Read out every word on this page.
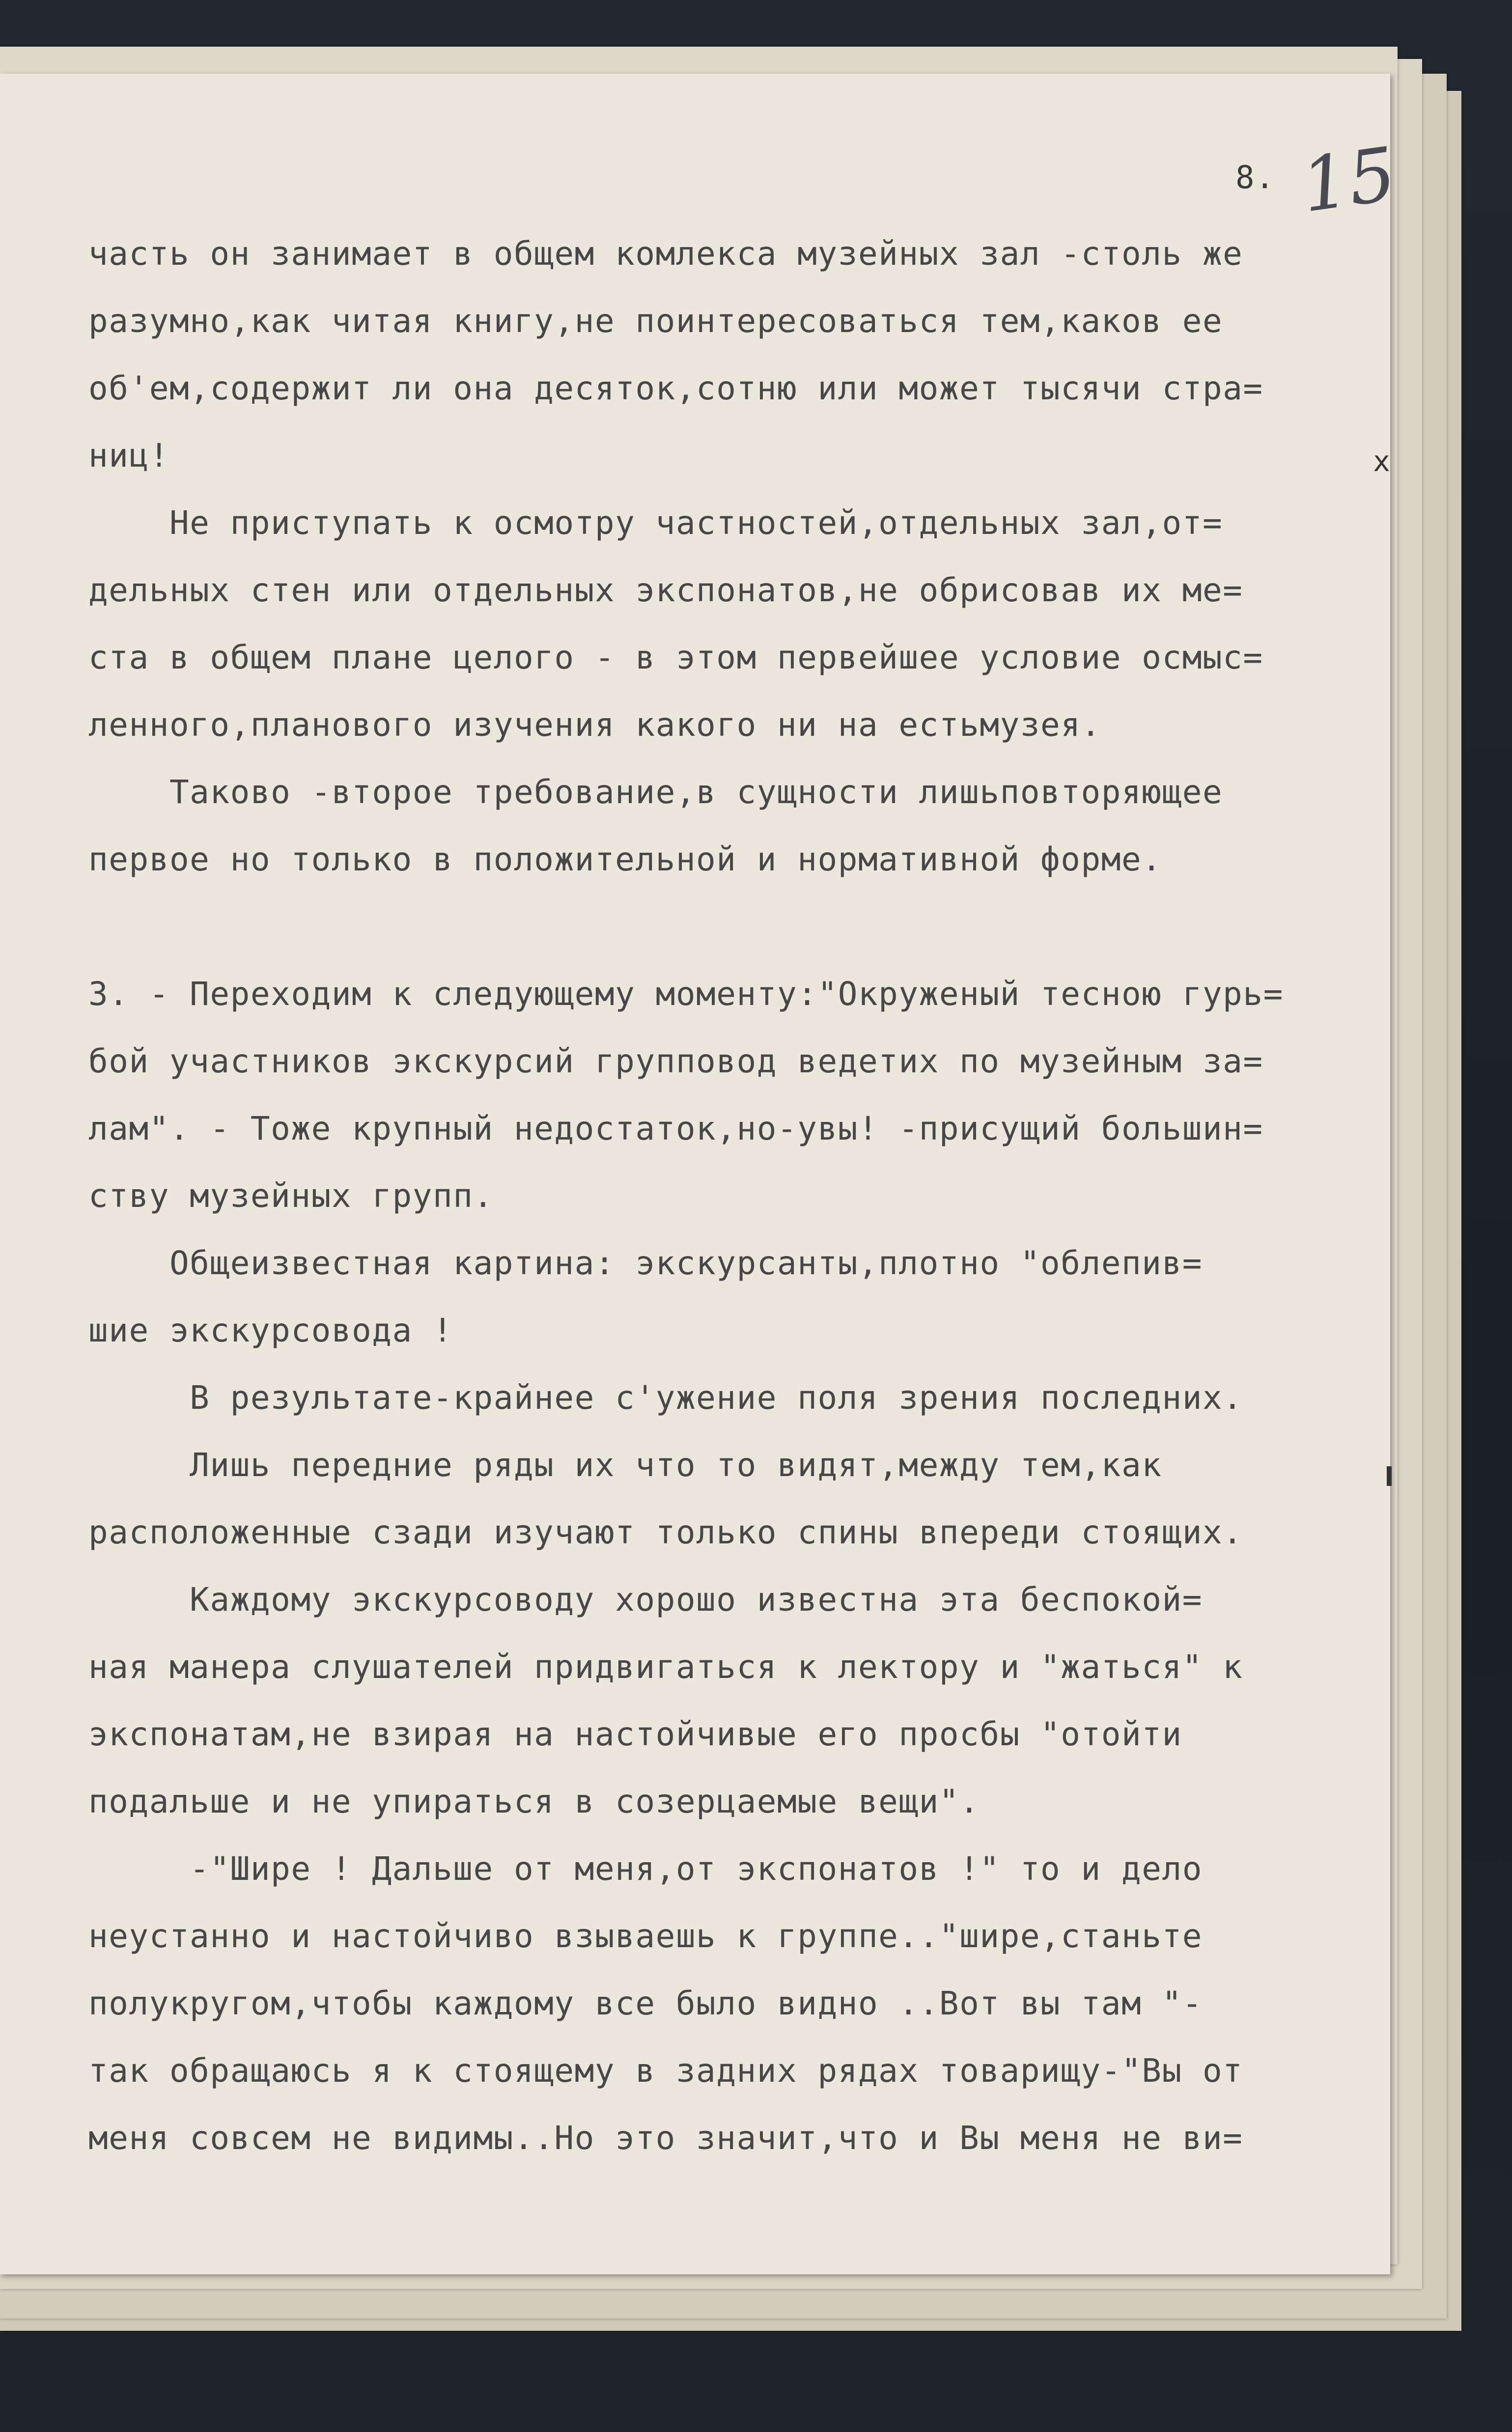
8. 15
x
часть он занимает в общем комлекса музейных зал -столь же
разумно,как читая книгу,не поинтересоваться тем,каков ее
об'ем,содержит ли она десяток,сотню или может тысячи стра=
ниц!
Не приступать к осмотру частностей,отдельных зал,от=
дельных стен или отдельных экспонатов,не обрисовав их ме=
ста в общем плане целого - в этом первейшее условие осмыс=
ленного,планового изучения какого ни на естьмузея.
Таково -второе требование,в сущности лишьповторяющее
первое но только в положительной и нормативной форме.

3. - Переходим к следующему моменту:"Окруженый тесною гурь=
бой участников экскурсий групповод ведетих по музейным за=
лам". - Тоже крупный недостаток,но-увы! -присущий большин=
ству музейных групп.
Общеизвестная картина: экскурсанты,плотно "облепив=
шие экскурсовода !
В результате-крайнее с'ужение поля зрения последних.
Лишь передние ряды их что то видят,между тем,как
расположенные сзади изучают только спины впереди стоящих.
Каждому экскурсоводу хорошо известна эта беспокой=
ная манера слушателей придвигаться к лектору и "жаться" к
экспонатам,не взирая на настойчивые его просбы "отойти
подальше и не упираться в созерцаемые вещи".
-"Шире ! Дальше от меня,от экспонатов !" то и дело
неустанно и настойчиво взываешь к группе.."шире,станьте
полукругом,чтобы каждому все было видно ..Вот вы там "-
так обращаюсь я к стоящему в задних рядах товарищу-"Вы от
меня совсем не видимы..Но это значит,что и Вы меня не ви=
